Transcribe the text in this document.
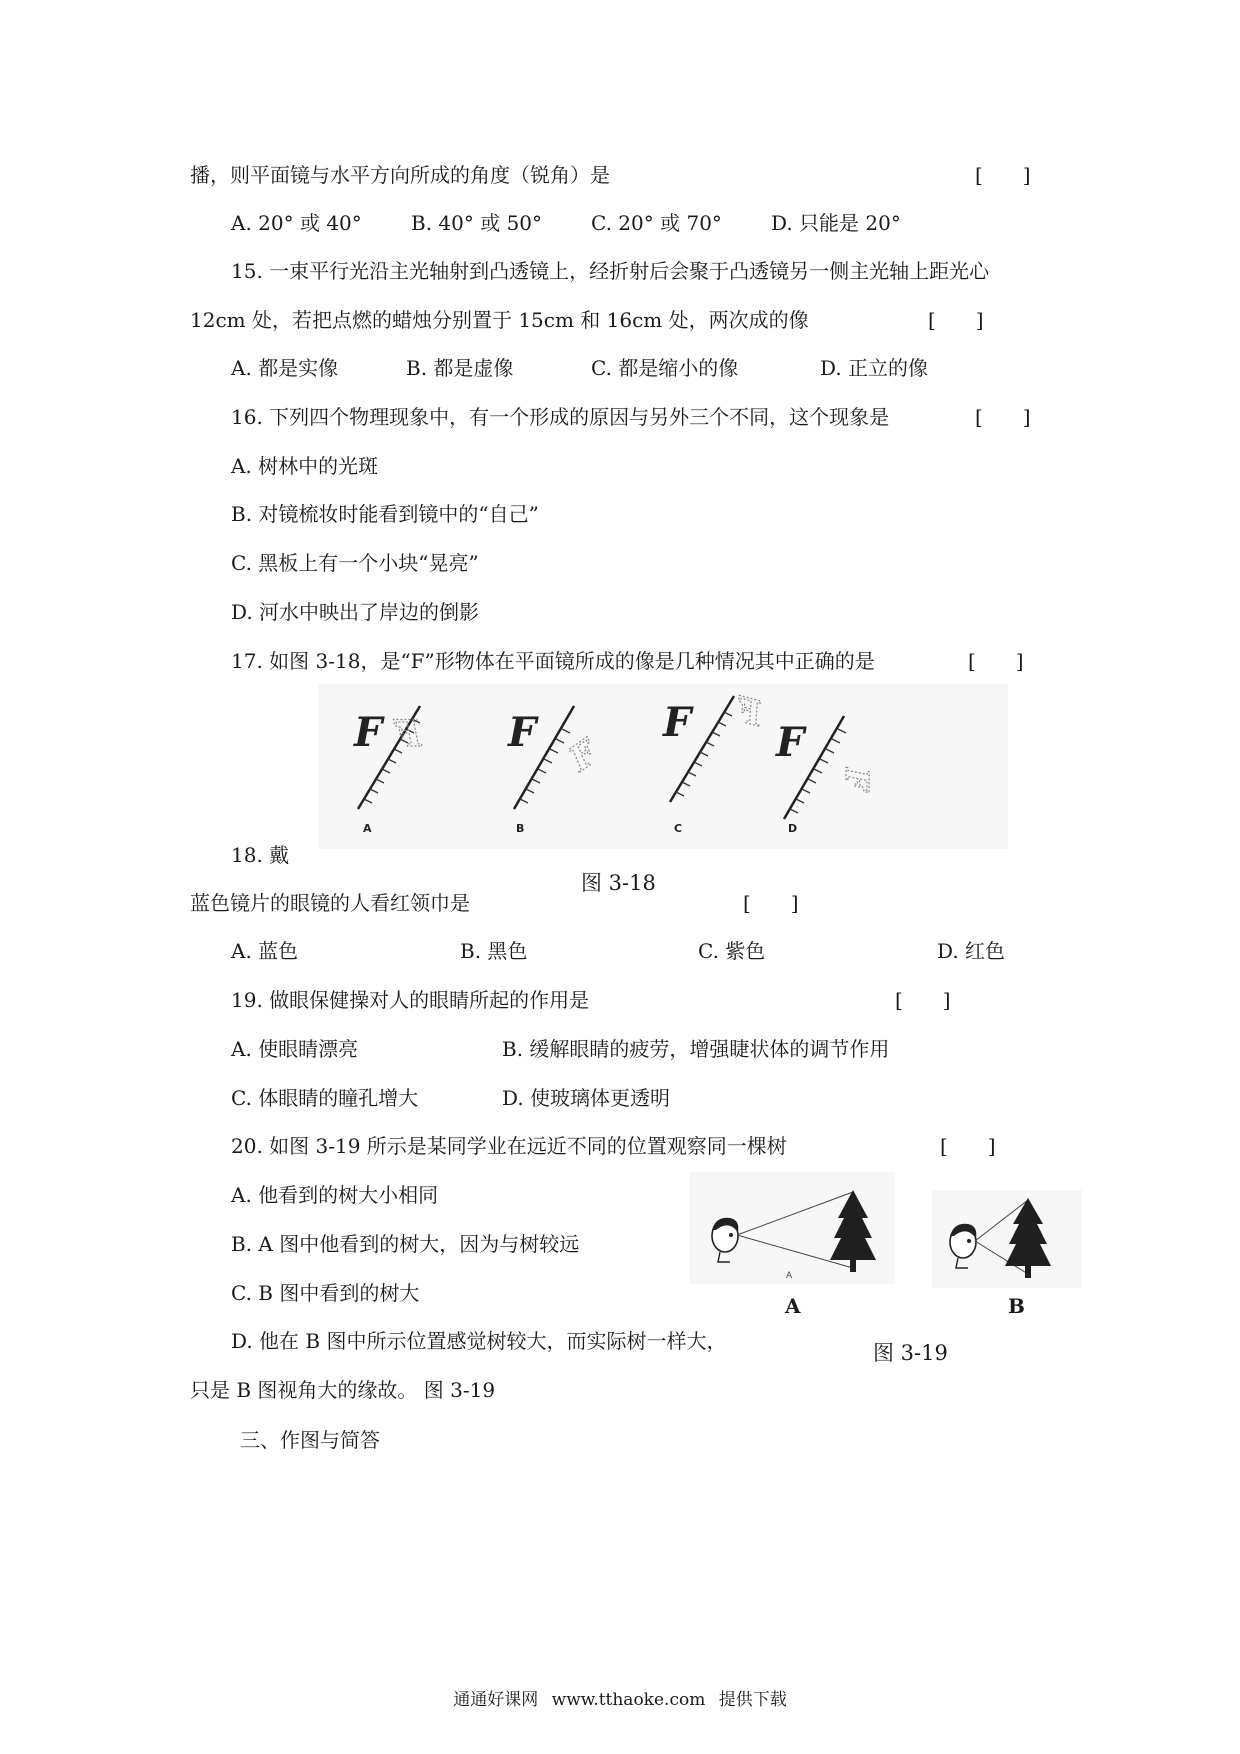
播，则平面镜与水平方向所成的角度（锐角）是	[　　]
A. 20° 或 40° B. 40° 或 50° C. 20° 或 70° D. 只能是 20°
15. 一束平行光沿主光轴射到凸透镜上，经折射后会聚于凸透镜另一侧主光轴上距光心
12cm 处，若把点燃的蜡烛分别置于 15cm 和 16cm 处，两次成的像	[　　]
A. 都是实像	B. 都是虚像	C. 都是缩小的像	D. 正立的像
16. 下列四个物理现象中，有一个形成的原因与另外三个不同，这个现象是	[　　]
A. 树林中的光斑
B. 对镜梳妆时能看到镜中的“自己”
C. 黑板上有一个小块“晃亮”
D. 河水中映出了岸边的倒影
17. 如图 3-18，是“F”形物体在平面镜所成的像是几种情况其中正确的是	[　　]
F F
A
F
F
B
F F
C
F
F
D
18. 戴
图 3-18
蓝色镜片的眼镜的人看红领巾是	[　　]
A. 蓝色	B. 黑色	C. 紫色	D. 红色
19. 做眼保健操对人的眼睛所起的作用是	[　　]
A. 使眼睛漂亮	B. 缓解眼睛的疲劳，增强睫状体的调节作用
C. 体眼睛的瞳孔增大	D. 使玻璃体更透明
20. 如图 3-19 所示是某同学业在远近不同的位置观察同一棵树	[　　]
A. 他看到的树大小相同
B. A 图中他看到的树大，因为与树较远
C. B 图中看到的树大
D. 他在 B 图中所示位置感觉树较大，而实际树一样大，
只是 B 图视角大的缘故。 图 3-19
A
A	B
图 3-19
三、作图与简答
通通好课网 www.tthaoke.com 提供下载
